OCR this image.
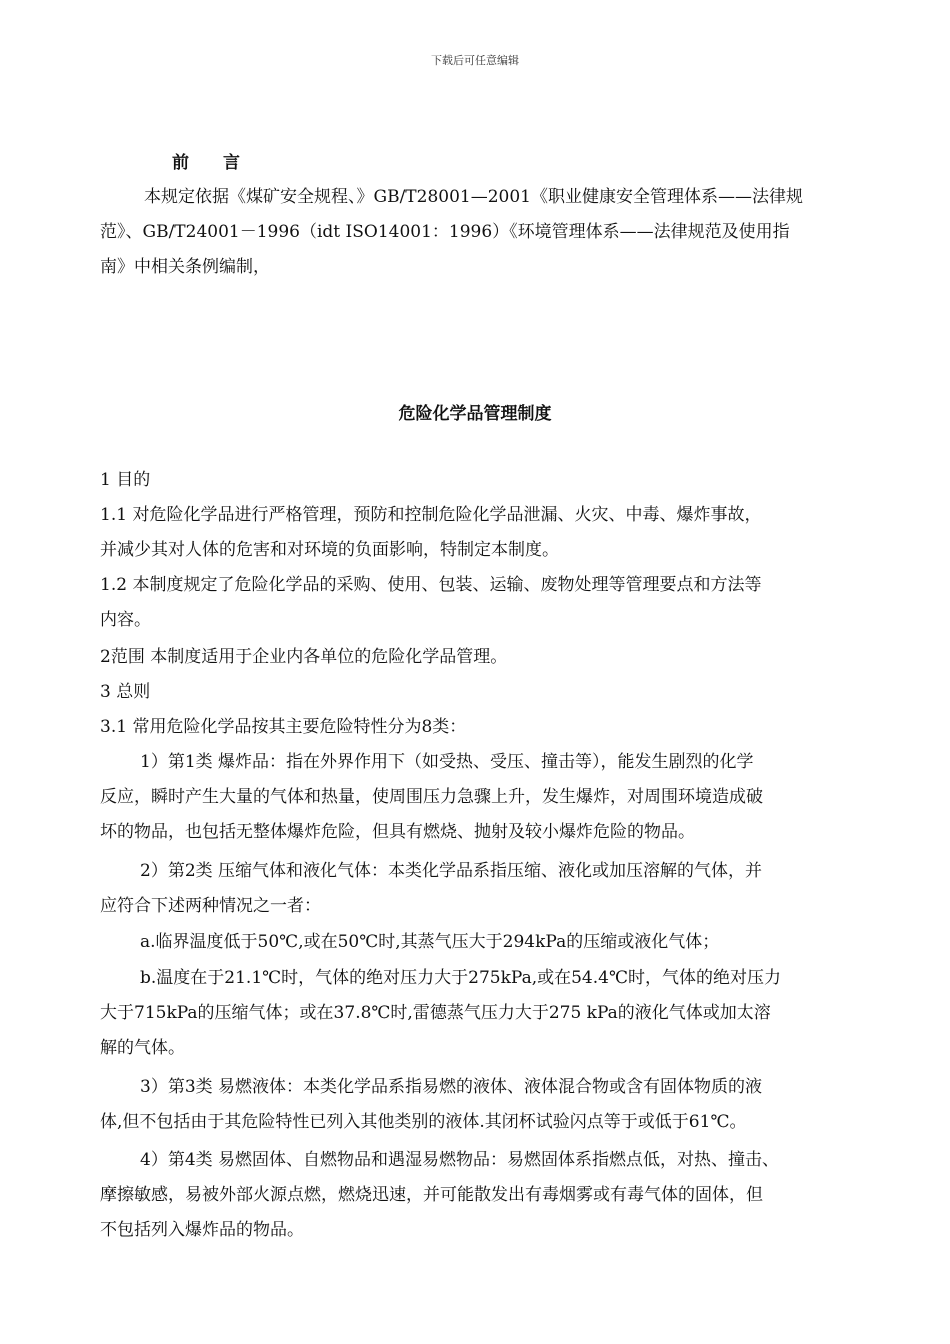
下载后可任意编辑
前　　言
本规定依据《煤矿安全规程、》GB/T28001—2001《职业健康安全管理体系——法律规
范》、GB/T24001－1996（idt ISO14001：1996）《环境管理体系——法律规范及使用指
南》中相关条例编制，
危险化学品管理制度
1 目的
1.1 对危险化学品进行严格管理，预防和控制危险化学品泄漏、火灾、中毒、爆炸事故，
并减少其对人体的危害和对环境的负面影响，特制定本制度。
1.2 本制度规定了危险化学品的采购、使用、包装、运输、废物处理等管理要点和方法等
内容。
2范围 本制度适用于企业内各单位的危险化学品管理。
3 总则
3.1 常用危险化学品按其主要危险特性分为8类：
1）第1类 爆炸品：指在外界作用下（如受热、受压、撞击等），能发生剧烈的化学
反应，瞬时产生大量的气体和热量，使周围压力急骤上升，发生爆炸，对周围环境造成破
坏的物品，也包括无整体爆炸危险，但具有燃烧、抛射及较小爆炸危险的物品。
2）第2类 压缩气体和液化气体：本类化学品系指压缩、液化或加压溶解的气体，并
应符合下述两种情况之一者：
a.临界温度低于50℃,或在50℃时,其蒸气压大于294kPa的压缩或液化气体；
b.温度在于21.1℃时，气体的绝对压力大于275kPa,或在54.4℃时，气体的绝对压力
大于715kPa的压缩气体；或在37.8℃时,雷德蒸气压力大于275 kPa的液化气体或加太溶
解的气体。
3）第3类 易燃液体：本类化学品系指易燃的液体、液体混合物或含有固体物质的液
体,但不包括由于其危险特性已列入其他类别的液体.其闭杯试验闪点等于或低于61℃。
4）第4类 易燃固体、自燃物品和遇湿易燃物品：易燃固体系指燃点低，对热、撞击、
摩擦敏感，易被外部火源点燃，燃烧迅速，并可能散发出有毒烟雾或有毒气体的固体，但
不包括列入爆炸品的物品。
